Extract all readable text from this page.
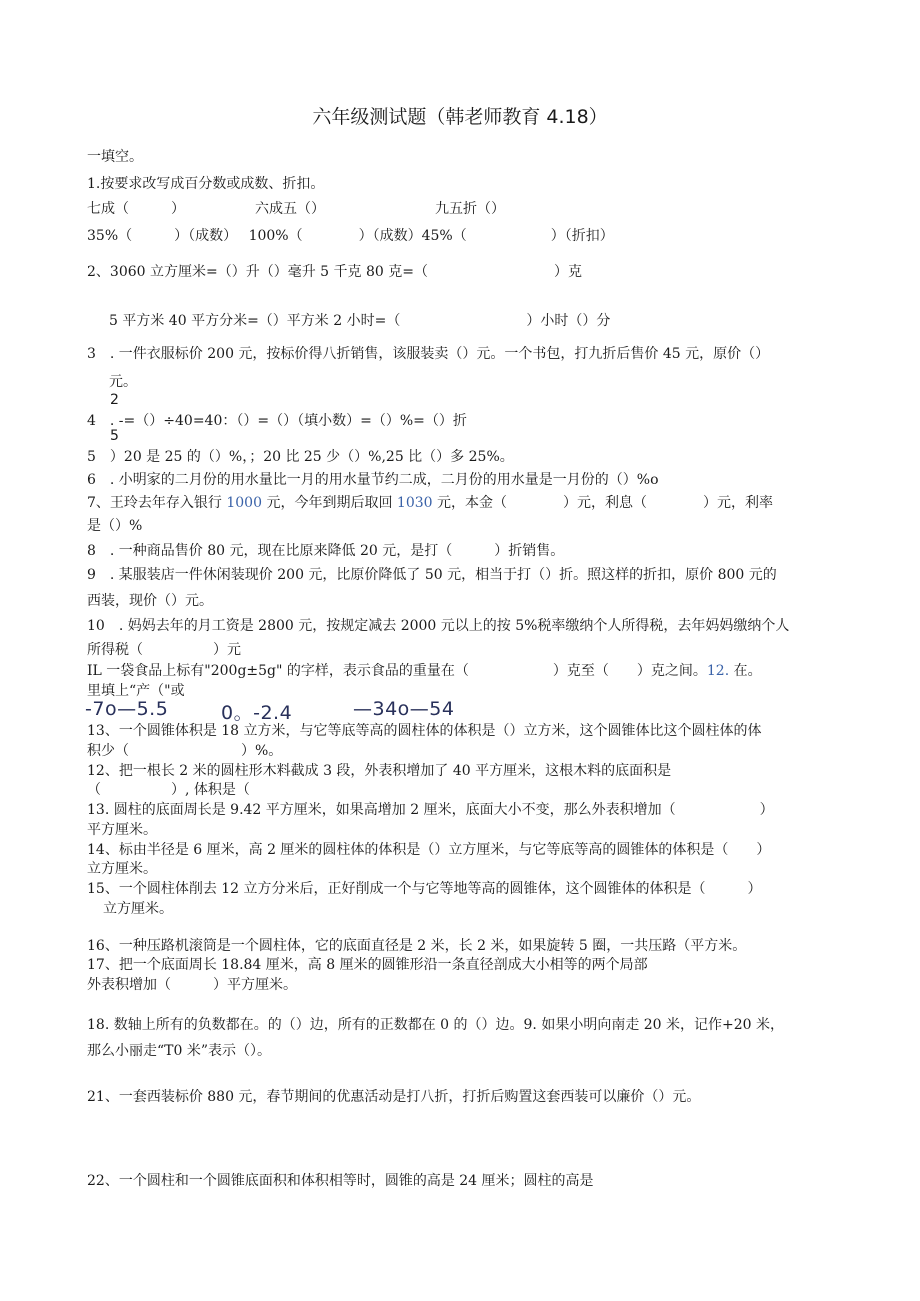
六年级测试题（韩老师教育 4.18）
一填空。
1.按要求改写成百分数或成数、折扣。
七成（　　　）	六成五（）	九五折（）
35%（　　　）（成数）　 100%（　　　　）（成数）45%（　　　　　　）（折扣）
2、3060 立方厘米=（）升（）毫升 5 千克 80 克=（　　　　　　　　　）克
5 平方米 40 平方分米=（）平方米 2 小时=（　　　　　　　　　）小时（）分
3　. 一件衣服标价 200 元，按标价得八折销售，该服装卖（）元。一个书包，打九折后售价 45 元，原价（）
元。
2
4　. -=（）÷40=40：（）=（）（填小数）=（）%=（）折
5
5　）20 是 25 的（）%，；20 比 25 少（）%,25 比（）多 25%。
6　. 小明家的二月份的用水量比一月的用水量节约二成，二月份的用水量是一月份的（）%o
7、王玲去年存入银行 1000 元，今年到期后取回 1030 元，本金（　　　　）元，利息（　　　　）元，利率
是（）%
8　. 一种商品售价 80 元，现在比原来降低 20 元，是打（　　　）折销售。
9　. 某服装店一件休闲装现价 200 元，比原价降低了 50 元，相当于打（）折。照这样的折扣，原价 800 元的
西装，现价（）元。
10　. 妈妈去年的月工资是 2800 元，按规定减去 2000 元以上的按 5%税率缴纳个人所得税，去年妈妈缴纳个人
所得税（　　　　　）元
IL 一袋食品上标有"200g±5g" 的字样，表示食品的重量在（　　　　　　）克至（　　）克之间。12. 在。
里填上“产（"或
-7o—5.5	0。-2.4	—34o—54
13、一个圆锥体积是 18 立方米，与它等底等高的圆柱体的体积是（）立方米，这个圆锥体比这个圆柱体的体
积少（　　　　　　　　）%。
12、把一根长 2 米的圆柱形木料截成 3 段，外表积增加了 40 平方厘米，这根木料的底面积是
（　　　　　）, 体积是（
13. 圆柱的底面周长是 9.42 平方厘米，如果高增加 2 厘米，底面大小不变，那么外表积增加（　　　　　　）
平方厘米。
14、标由半径是 6 厘米，高 2 厘米的圆柱体的体积是（）立方厘米，与它等底等高的圆锥体的体积是（　　）
立方厘米。
15、一个圆柱体削去 12 立方分米后，正好削成一个与它等地等高的圆锥体，这个圆锥体的体积是（　　　）
立方厘米。
16、一种压路机滚筒是一个圆柱体，它的底面直径是 2 米，长 2 米，如果旋转 5 圈，一共压路（平方米。
17、把一个底面周长 18.84 厘米，高 8 厘米的圆锥形沿一条直径剖成大小相等的两个局部
外表积增加（　　　）平方厘米。
18. 数轴上所有的负数都在。的（）边，所有的正数都在 0 的（）边。9. 如果小明向南走 20 米，记作+20 米，
那么小丽走“T0 米”表示（）。
21、一套西装标价 880 元，春节期间的优惠活动是打八折，打折后购置这套西装可以廉价（）元。
22、一个圆柱和一个圆锥底面积和体积相等时，圆锥的高是 24 厘米；圆柱的高是
